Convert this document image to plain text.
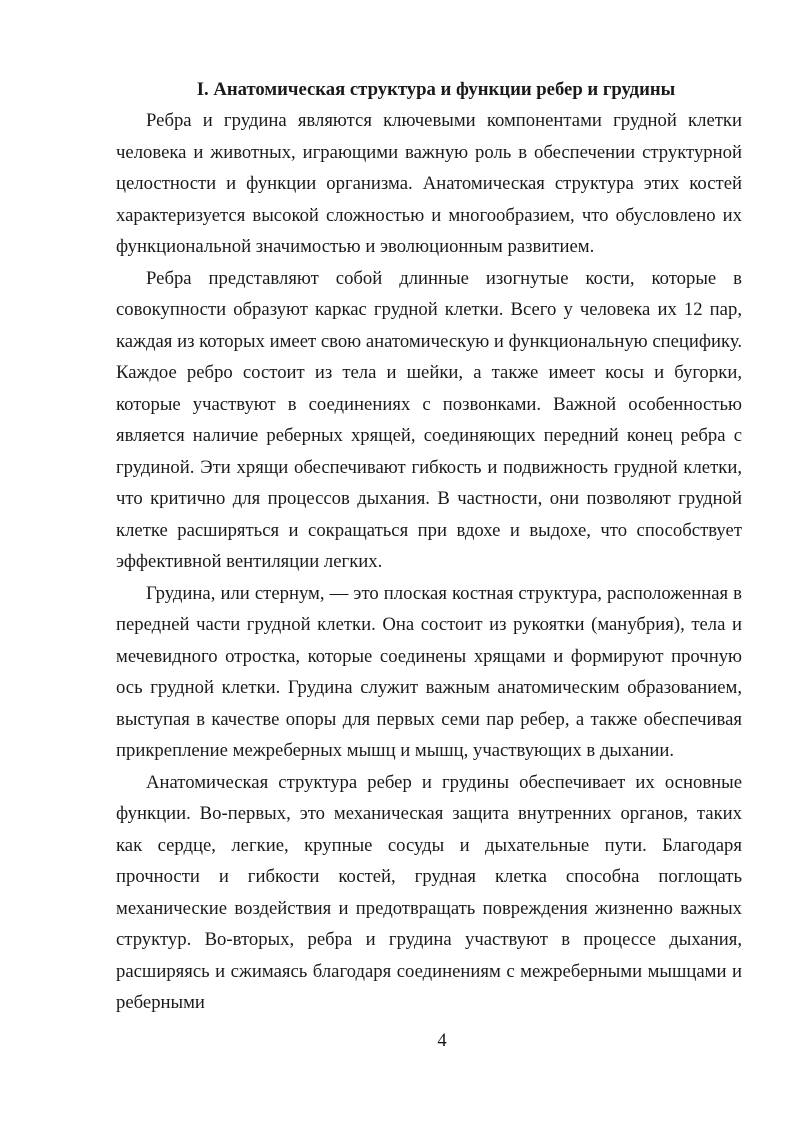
I. Анатомическая структура и функции ребер и грудины

Ребра и грудина являются ключевыми компонентами грудной клетки человека и животных, играющими важную роль в обеспечении структурной целостности и функции организма. Анатомическая структура этих костей характеризуется высокой сложностью и многообразием, что обусловлено их функциональной значимостью и эволюционным развитием.

Ребра представляют собой длинные изогнутые кости, которые в совокупности образуют каркас грудной клетки. Всего у человека их 12 пар, каждая из которых имеет свою анатомическую и функциональную специфику. Каждое ребро состоит из тела и шейки, а также имеет косы и бугорки, которые участвуют в соединениях с позвонками. Важной особенностью является наличие реберных хрящей, соединяющих передний конец ребра с грудиной. Эти хрящи обеспечивают гибкость и подвижность грудной клетки, что критично для процессов дыхания. В частности, они позволяют грудной клетке расширяться и сокращаться при вдохе и выдохе, что способствует эффективной вентиляции легких.

Грудина, или стернум, — это плоская костная структура, расположенная в передней части грудной клетки. Она состоит из рукоятки (манубрия), тела и мечевидного отростка, которые соединены хрящами и формируют прочную ось грудной клетки. Грудина служит важным анатомическим образованием, выступая в качестве опоры для первых семи пар ребер, а также обеспечивая прикрепление межреберных мышц и мышц, участвующих в дыхании.

Анатомическая структура ребер и грудины обеспечивает их основные функции. Во-первых, это механическая защита внутренних органов, таких как сердце, легкие, крупные сосуды и дыхательные пути. Благодаря прочности и гибкости костей, грудная клетка способна поглощать механические воздействия и предотвращать повреждения жизненно важных структур. Во-вторых, ребра и грудина участвуют в процессе дыхания, расширяясь и сжимаясь благодаря соединениям с межреберными мышцами и реберными

4
